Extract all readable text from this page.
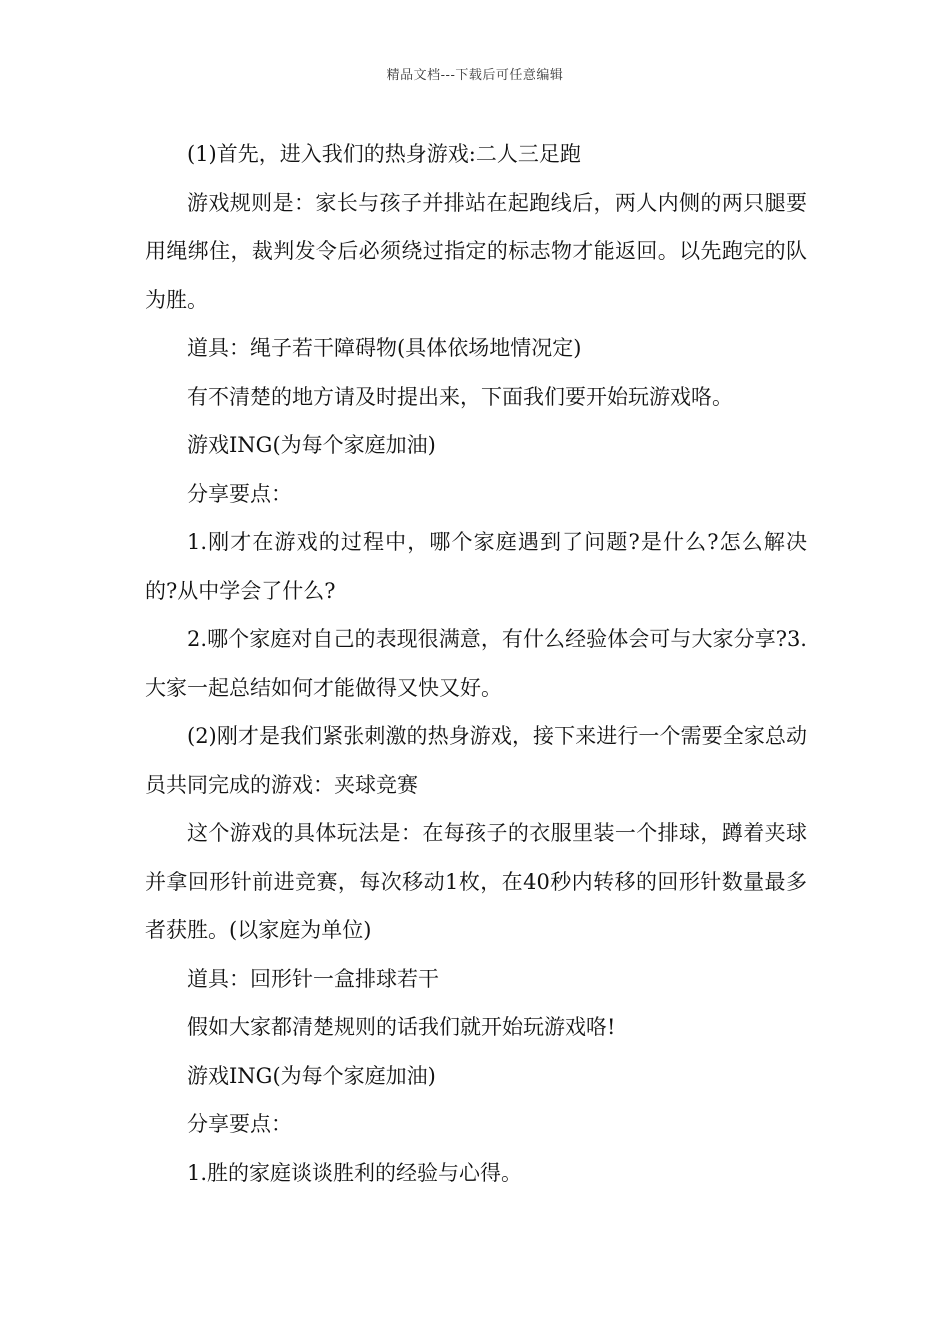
精品文档---下载后可任意编辑

(1)首先，进入我们的热身游戏:二人三足跑

游戏规则是：家长与孩子并排站在起跑线后，两人内侧的两只腿要用绳绑住，裁判发令后必须绕过指定的标志物才能返回。以先跑完的队为胜。

道具：绳子若干障碍物(具体依场地情况定)

有不清楚的地方请及时提出来，下面我们要开始玩游戏咯。

游戏ING(为每个家庭加油)

分享要点：

1.刚才在游戏的过程中，哪个家庭遇到了问题?是什么?怎么解决的?从中学会了什么?

2.哪个家庭对自己的表现很满意，有什么经验体会可与大家分享?3.大家一起总结如何才能做得又快又好。

(2)刚才是我们紧张刺激的热身游戏，接下来进行一个需要全家总动员共同完成的游戏：夹球竞赛

这个游戏的具体玩法是：在每孩子的衣服里装一个排球，蹲着夹球并拿回形针前进竞赛，每次移动1枚，在40秒内转移的回形针数量最多者获胜。(以家庭为单位)

道具：回形针一盒排球若干

假如大家都清楚规则的话我们就开始玩游戏咯!

游戏ING(为每个家庭加油)

分享要点：

1.胜的家庭谈谈胜利的经验与心得。
